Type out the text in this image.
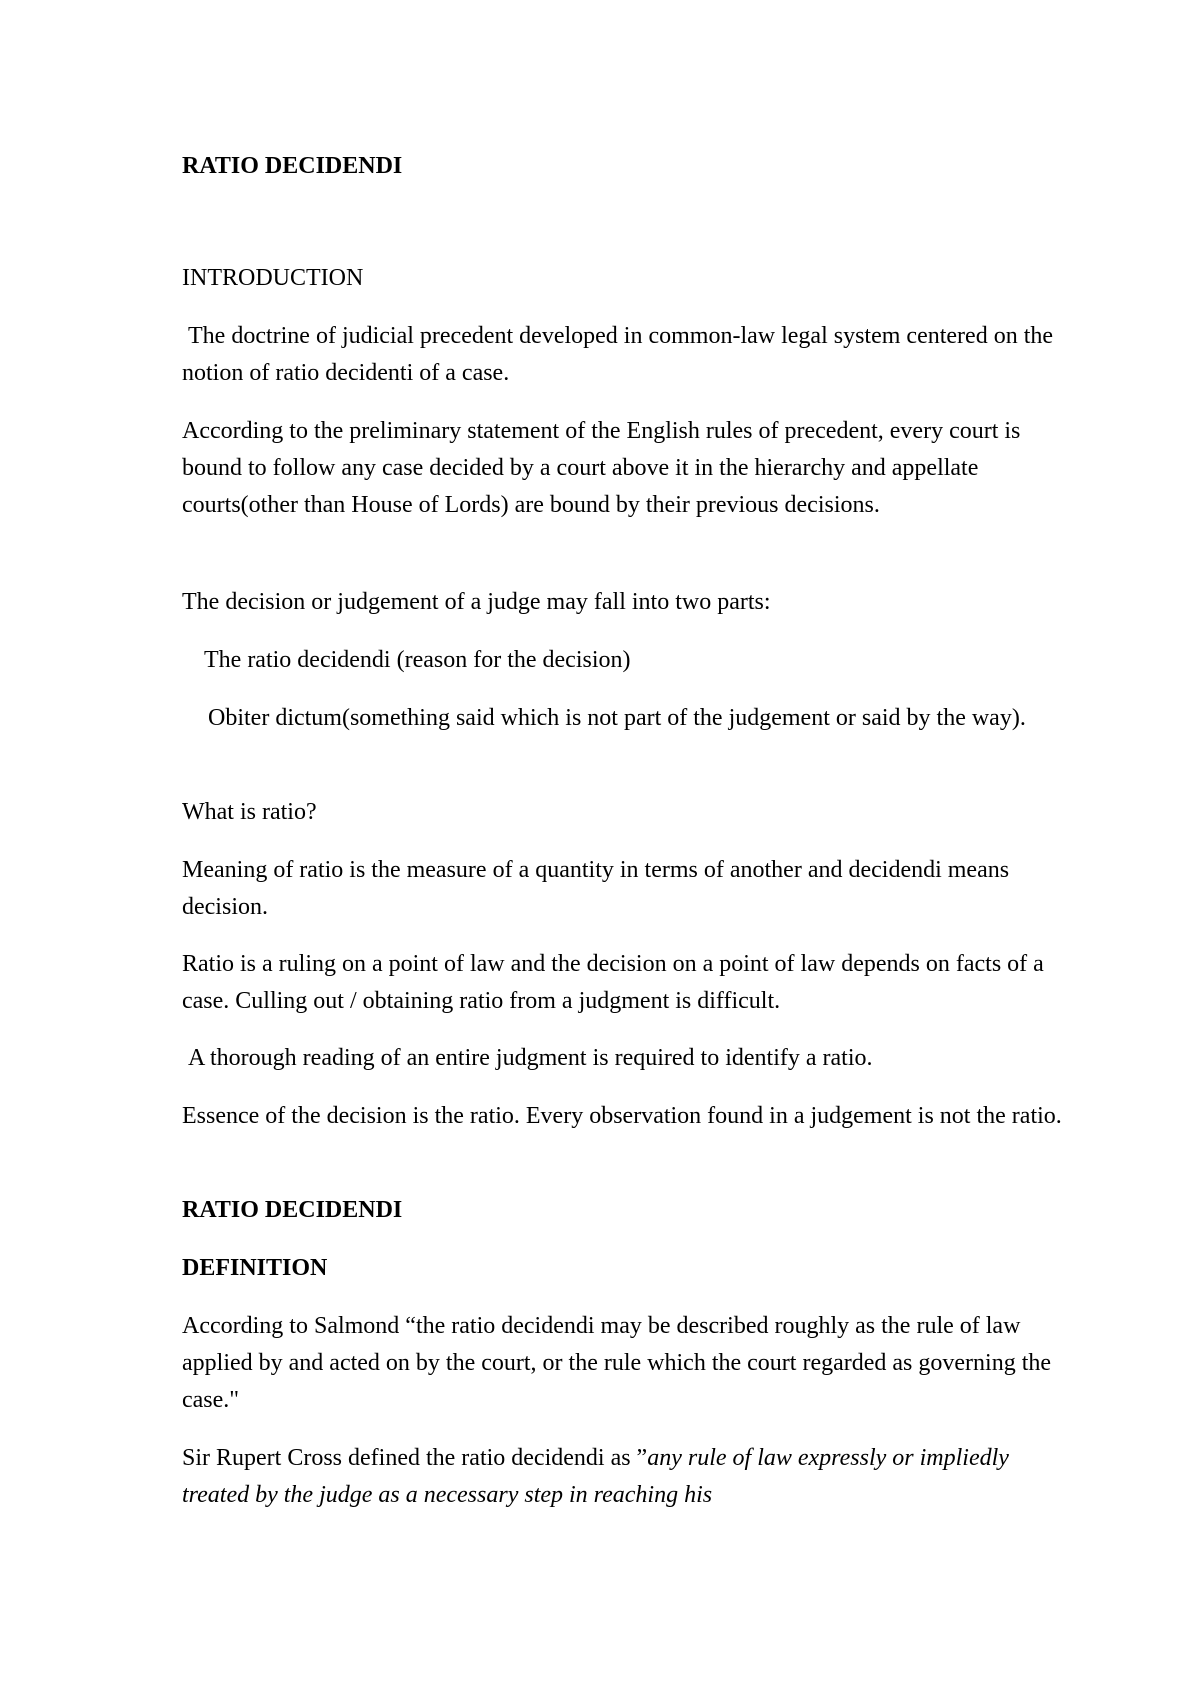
RATIO DECIDENDI

INTRODUCTION

The doctrine of judicial precedent developed in common-law legal system centered on the notion of ratio decidenti of a case.

According to the preliminary statement of the English rules of precedent, every court is bound to follow any case decided by a court above it in the hierarchy and appellate courts(other than House of Lords) are bound by their previous decisions.

The decision or judgement of a judge may fall into two parts:

The ratio decidendi (reason for the decision)

Obiter dictum(something said which is not part of the judgement or said by the way).

What is ratio?

Meaning of ratio is the measure of a quantity in terms of another and decidendi means decision.

Ratio is a ruling on a point of law and the decision on a point of law depends on facts of a case. Culling out / obtaining ratio from a judgment is difficult.

A thorough reading of an entire judgment is required to identify a ratio.

Essence of the decision is the ratio. Every observation found in a judgement is not the ratio.

RATIO DECIDENDI

DEFINITION

According to Salmond “the ratio decidendi may be described roughly as the rule of law applied by and acted on by the court, or the rule which the court regarded as governing the case."

Sir Rupert Cross defined the ratio decidendi as ”any rule of law expressly or impliedly treated by the judge as a necessary step in reaching his
